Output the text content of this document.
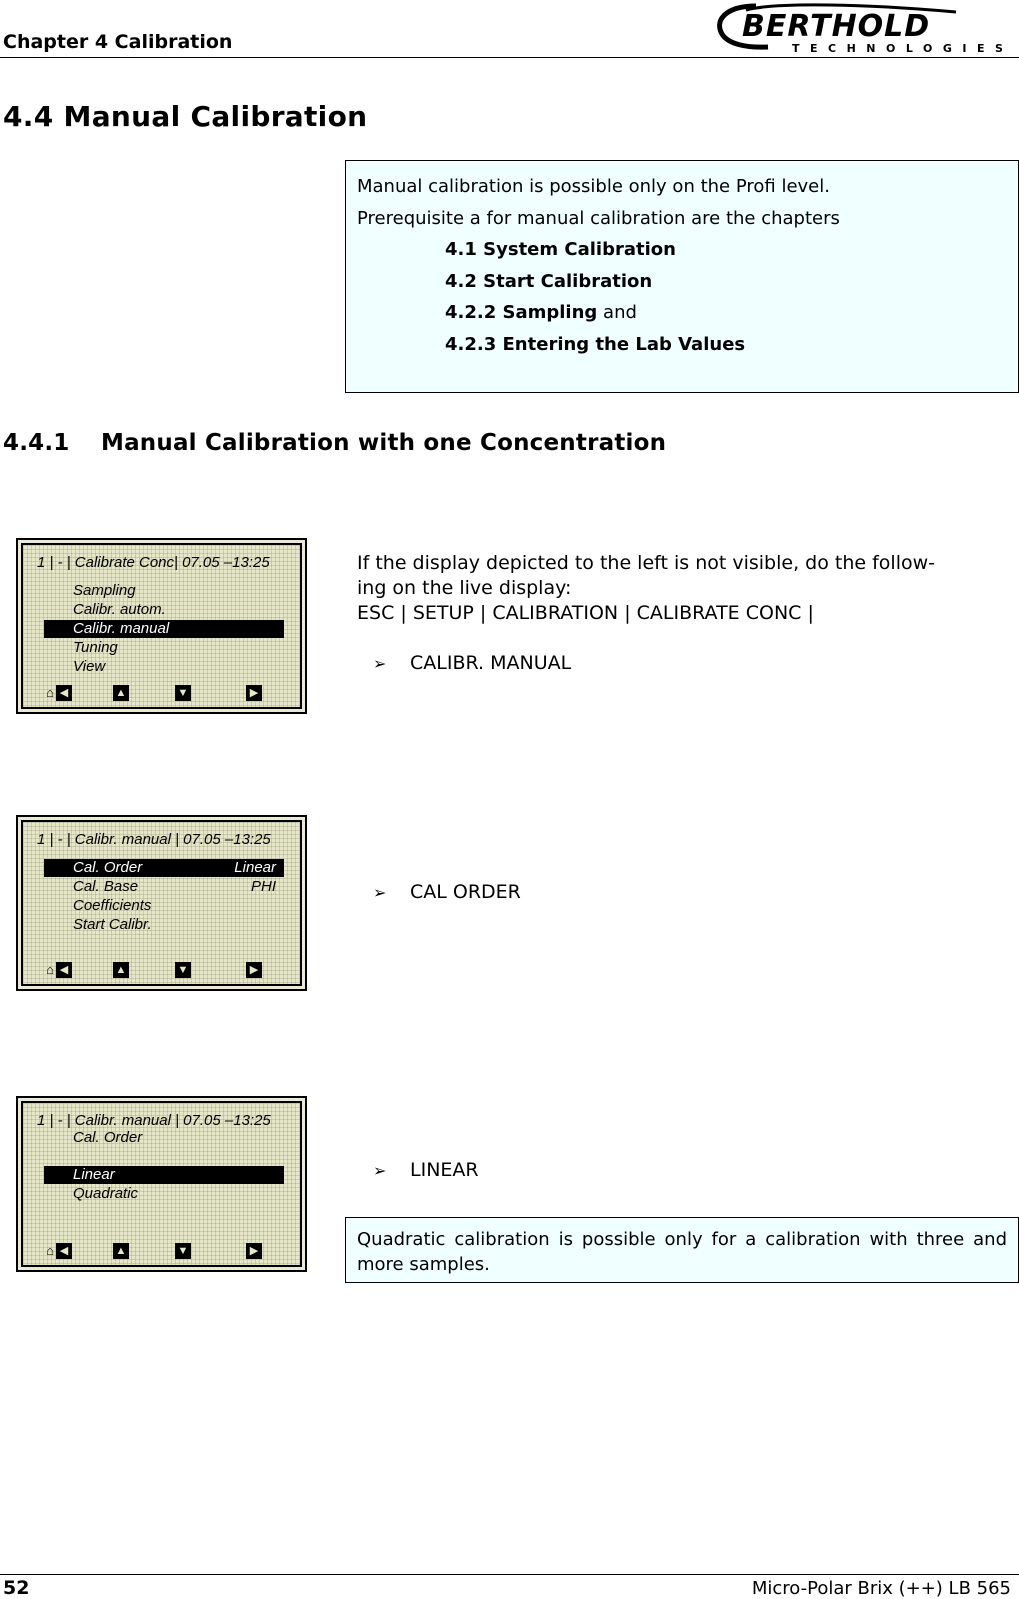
Chapter 4 Calibration	BERTHOLD
TECHNOLOGIES
4.4 Manual Calibration

Manual calibration is possible only on the Profi level.

Prerequisite a for manual calibration are the chapters

4.1 System Calibration

4.2 Start Calibration

4.2.2 Sampling and

4.2.3 Entering the Lab Values

4.4.1 Manual Calibration with one Concentration
1 | - | Calibrate Conc| 07.05 –13:25
Sampling
Calibr. autom.
Calibr. manual
Tuning
View
⌂ ◀	▲	▼	▶
1 | - | Calibr. manual | 07.05 –13:25
Cal. Order	Linear
Cal. Base	PHI
Coefficients
Start Calibr.
⌂ ◀	▲	▼	▶
1 | - | Calibr. manual | 07.05 –13:25
Cal. Order
Linear
Quadratic
⌂ ◀	▲	▼	▶
If the display depicted to the left is not visible, do the follow-
ing on the live display:
ESC | SETUP | CALIBRATION | CALIBRATE CONC |
➢ CALIBR. MANUAL
➢ CAL ORDER
➢ LINEAR
Quadratic calibration is possible only for a calibration with three and more samples.
52	Micro-Polar Brix (++) LB 565
